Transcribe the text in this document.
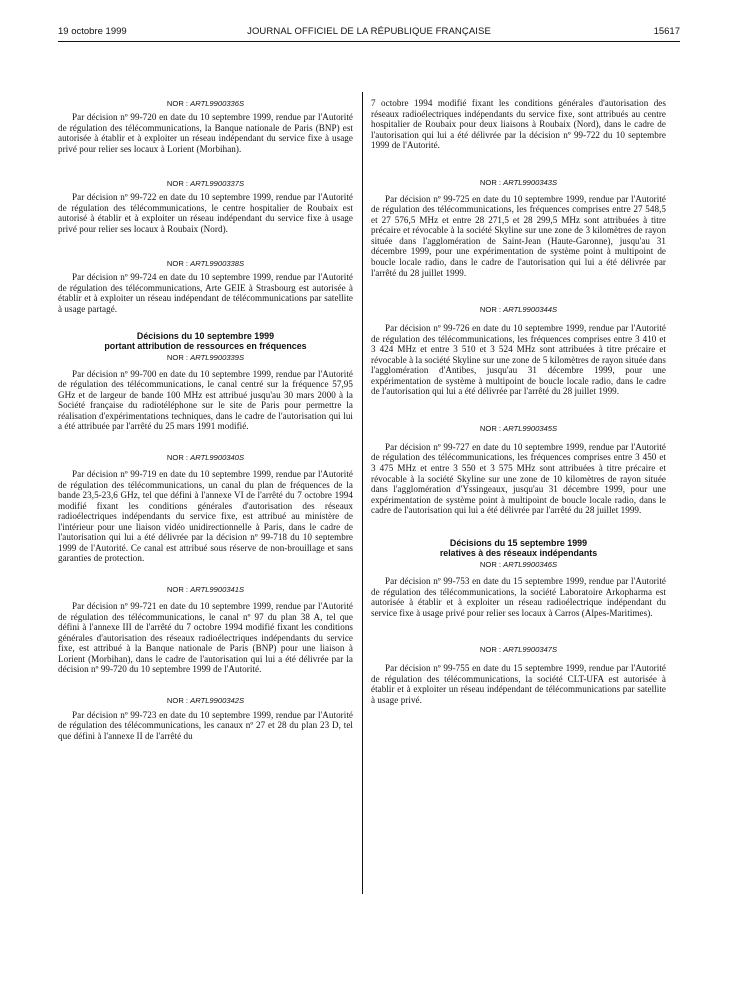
19 octobre 1999	JOURNAL OFFICIEL DE LA RÉPUBLIQUE FRANÇAISE	15617

NOR : ARTL9900336S

Par décision nº 99-720 en date du 10 septembre 1999, rendue par l'Autorité de régulation des télécommunications, la Banque nationale de Paris (BNP) est autorisée à établir et à exploiter un réseau indépendant du service fixe à usage privé pour relier ses locaux à Lorient (Morbihan).

NOR : ARTL9900337S

Par décision nº 99-722 en date du 10 septembre 1999, rendue par l'Autorité de régulation des télécommunications, le centre hospitalier de Roubaix est autorisé à établir et à exploiter un réseau indépendant du service fixe à usage privé pour relier ses locaux à Roubaix (Nord).

NOR : ARTL9900338S

Par décision nº 99-724 en date du 10 septembre 1999, rendue par l'Autorité de régulation des télécommunications, Arte GEIE à Strasbourg est autorisée à établir et à exploiter un réseau indépendant de télécommunications par satellite à usage partagé.

Décisions du 10 septembre 1999

portant attribution de ressources en fréquences

NOR : ARTL9900339S

Par décision nº 99-700 en date du 10 septembre 1999, rendue par l'Autorité de régulation des télécommunications, le canal centré sur la fréquence 57,95 GHz et de largeur de bande 100 MHz est attribué jusqu'au 30 mars 2000 à la Société française du radiotéléphone sur le site de Paris pour permettre la réalisation d'expérimentations techniques, dans le cadre de l'autorisation qui lui a été attribuée par l'arrêté du 25 mars 1991 modifié.

NOR : ARTL9900340S

Par décision nº 99-719 en date du 10 septembre 1999, rendue par l'Autorité de régulation des télécommunications, un canal du plan de fréquences de la bande 23,5-23,6 GHz, tel que défini à l'annexe VI de l'arrêté du 7 octobre 1994 modifié fixant les conditions générales d'autorisation des réseaux radioélectriques indépendants du service fixe, est attribué au ministère de l'intérieur pour une liaison vidéo unidirectionnelle à Paris, dans le cadre de l'autorisation qui lui a été délivrée par la décision nº 99-718 du 10 septembre 1999 de l'Autorité. Ce canal est attribué sous réserve de non-brouillage et sans garanties de protection.

NOR : ARTL9900341S

Par décision nº 99-721 en date du 10 septembre 1999, rendue par l'Autorité de régulation des télécommunications, le canal nº 97 du plan 38 A, tel que défini à l'annexe III de l'arrêté du 7 octobre 1994 modifié fixant les conditions générales d'autorisation des réseaux radioélectriques indépendants du service fixe, est attribué à la Banque nationale de Paris (BNP) pour une liaison à Lorient (Morbihan), dans le cadre de l'autorisation qui lui a été délivrée par la décision nº 99-720 du 10 septembre 1999 de l'Autorité.

NOR : ARTL9900342S

Par décision nº 99-723 en date du 10 septembre 1999, rendue par l'Autorité de régulation des télécommunications, les canaux nº 27 et 28 du plan 23 D, tel que défini à l'annexe II de l'arrêté du

7 octobre 1994 modifié fixant les conditions générales d'autorisation des réseaux radioélectriques indépendants du service fixe, sont attribués au centre hospitalier de Roubaix pour deux liaisons à Roubaix (Nord), dans le cadre de l'autorisation qui lui a été délivrée par la décision nº 99-722 du 10 septembre 1999 de l'Autorité.

NOR : ARTL9900343S

Par décision nº 99-725 en date du 10 septembre 1999, rendue par l'Autorité de régulation des télécommunications, les fréquences comprises entre 27 548,5 et 27 576,5 MHz et entre 28 271,5 et 28 299,5 MHz sont attribuées à titre précaire et révocable à la société Skyline sur une zone de 3 kilomètres de rayon située dans l'agglomération de Saint-Jean (Haute-Garonne), jusqu'au 31 décembre 1999, pour une expérimentation de système point à multipoint de boucle locale radio, dans le cadre de l'autorisation qui lui a été délivrée par l'arrêté du 28 juillet 1999.

NOR : ARTL9900344S

Par décision nº 99-726 en date du 10 septembre 1999, rendue par l'Autorité de régulation des télécommunications, les fréquences comprises entre 3 410 et 3 424 MHz et entre 3 510 et 3 524 MHz sont attribuées à titre précaire et révocable à la société Skyline sur une zone de 5 kilomètres de rayon située dans l'agglomération d'Antibes, jusqu'au 31 décembre 1999, pour une expérimentation de système à multipoint de boucle locale radio, dans le cadre de l'autorisation qui lui a été délivrée par l'arrêté du 28 juillet 1999.

NOR : ARTL9900345S

Par décision nº 99-727 en date du 10 septembre 1999, rendue par l'Autorité de régulation des télécommunications, les fréquences comprises entre 3 450 et 3 475 MHz et entre 3 550 et 3 575 MHz sont attribuées à titre précaire et révocable à la société Skyline sur une zone de 10 kilomètres de rayon située dans l'agglomération d'Yssingeaux, jusqu'au 31 décembre 1999, pour une expérimentation de système point à multipoint de boucle locale radio, dans le cadre de l'autorisation qui lui a été délivrée par l'arrêté du 28 juillet 1999.

Décisions du 15 septembre 1999

relatives à des réseaux indépendants

NOR : ARTL9900346S

Par décision nº 99-753 en date du 15 septembre 1999, rendue par l'Autorité de régulation des télécommunications, la société Laboratoire Arkopharma est autorisée à établir et à exploiter un réseau radioélectrique indépendant du service fixe à usage privé pour relier ses locaux à Carros (Alpes-Maritimes).

NOR : ARTL9900347S

Par décision nº 99-755 en date du 15 septembre 1999, rendue par l'Autorité de régulation des télécommunications, la société CLT-UFA est autorisée à établir et à exploiter un réseau indépendant de télécommunications par satellite à usage privé.
